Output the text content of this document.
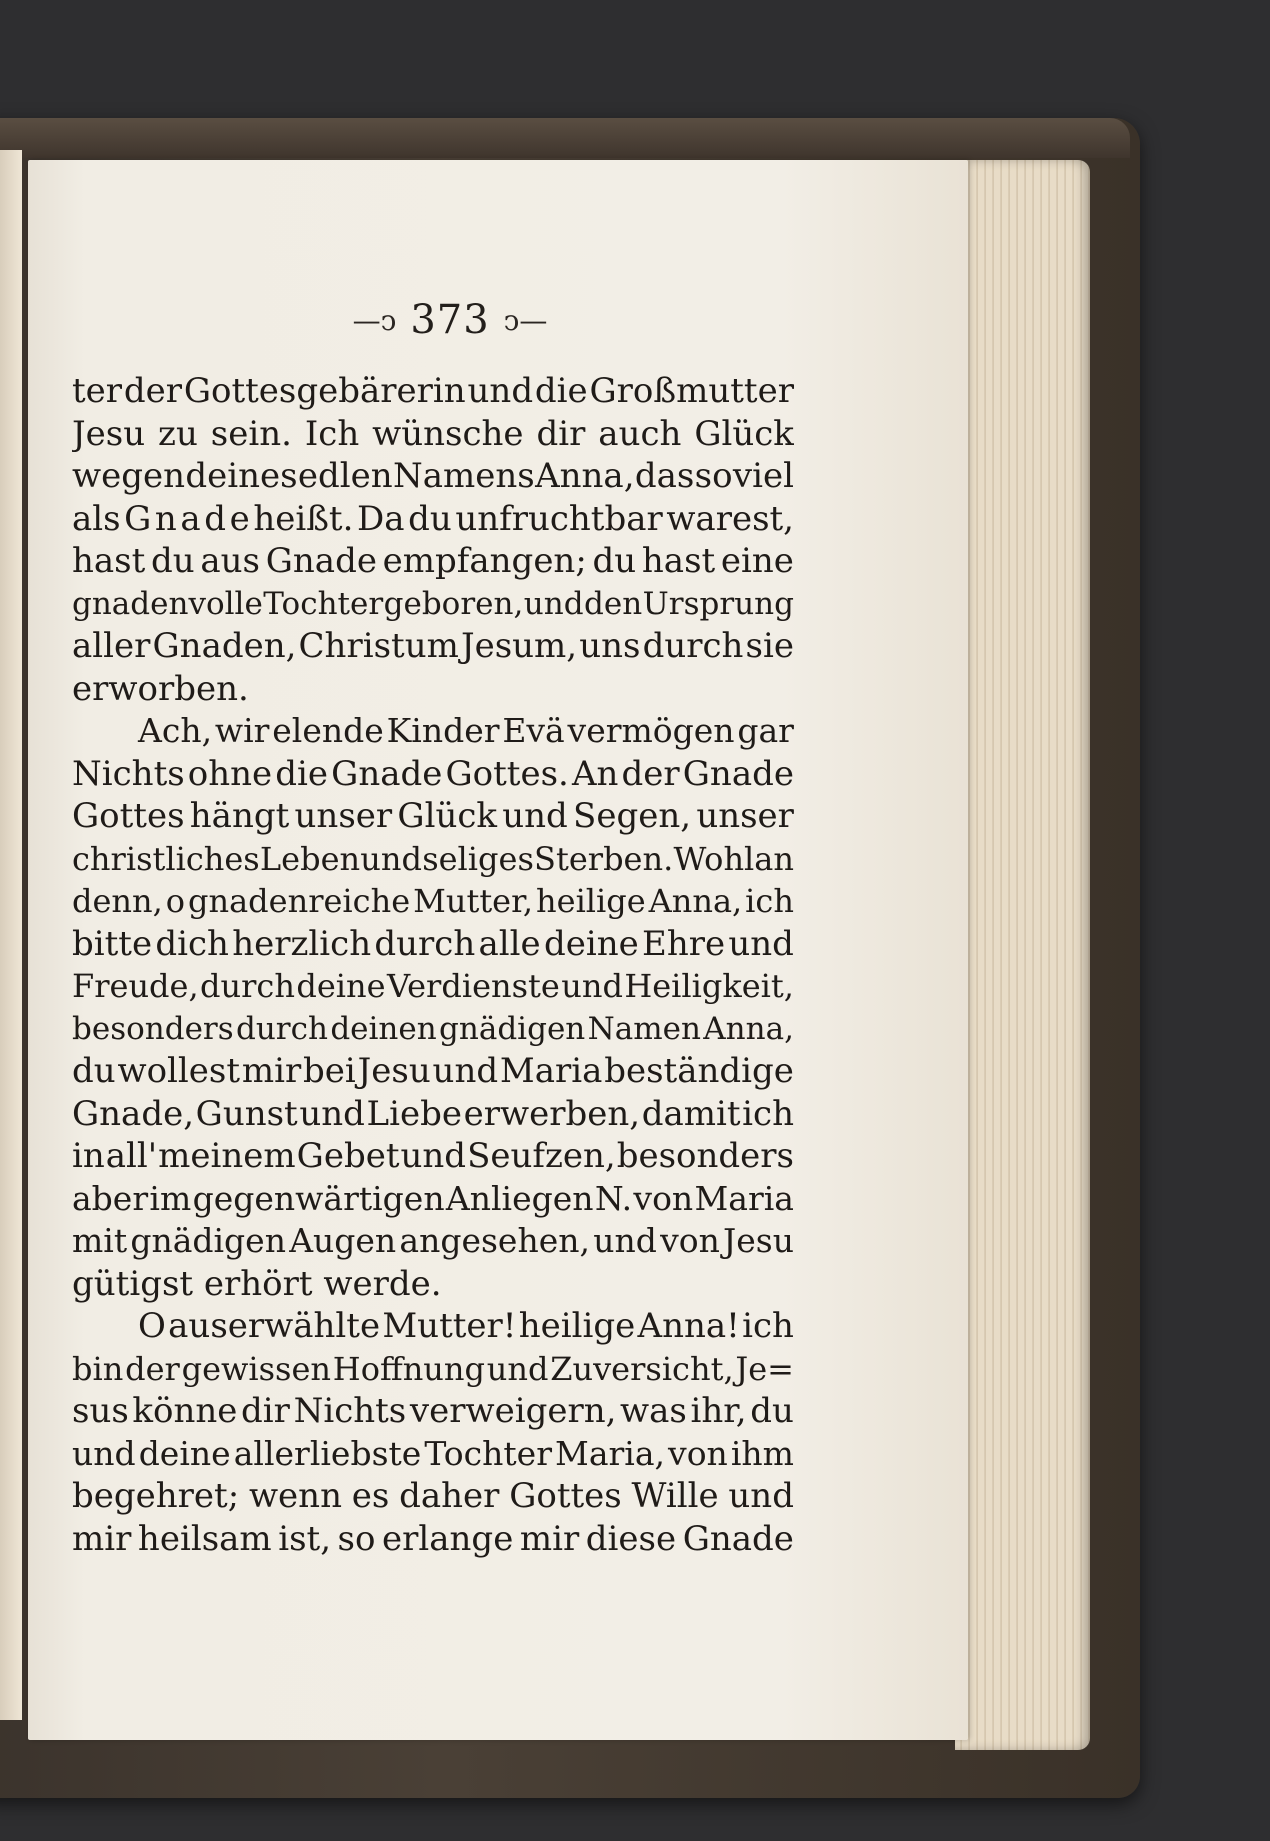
—ↄ 373 ↄ—
ter der Gottesgebärerin und die Großmutter
Jesu zu sein. Ich wünsche dir auch Glück
wegen deines edlen Namens Anna, das so viel
als G n a d e heißt. Da du unfruchtbar warest,
hast du aus Gnade empfangen; du hast eine
gnadenvolle Tochter geboren, und den Ursprung
aller Gnaden, Christum Jesum, uns durch sie
erworben.
Ach, wir elende Kinder Evä vermögen gar
Nichts ohne die Gnade Gottes. An der Gnade
Gottes hängt unser Glück und Segen, unser
christliches Leben und seliges Sterben. Wohlan
denn, o gnadenreiche Mutter, heilige Anna, ich
bitte dich herzlich durch alle deine Ehre und
Freude, durch deine Verdienste und Heiligkeit,
besonders durch deinen gnädigen Namen Anna,
du wollest mir bei Jesu und Maria beständige
Gnade, Gunst und Liebe erwerben, damit ich
in all' meinem Gebet und Seufzen, besonders
aber im gegenwärtigen Anliegen N. von Maria
mit gnädigen Augen angesehen, und von Jesu
gütigst erhört werde.
O auserwählte Mutter! heilige Anna! ich
bin der gewissen Hoffnung und Zuversicht, Je=
sus könne dir Nichts verweigern, was ihr, du
und deine allerliebste Tochter Maria, von ihm
begehret; wenn es daher Gottes Wille und
mir heilsam ist, so erlange mir diese Gnade
